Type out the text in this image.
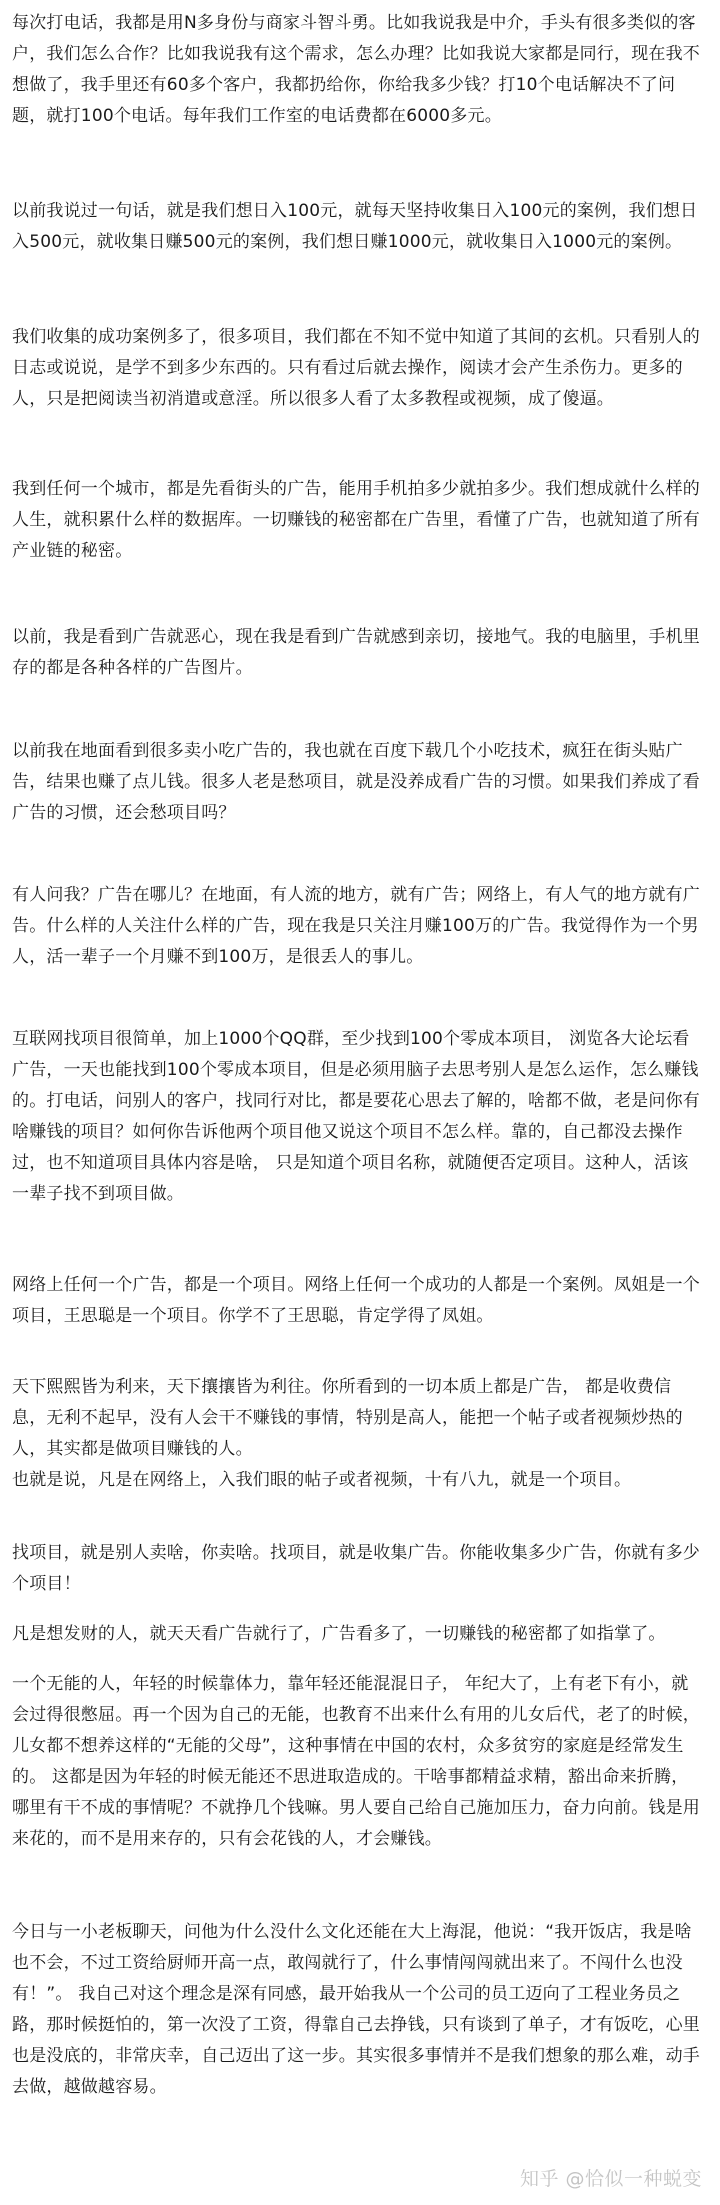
每次打电话，我都是用N多身份与商家斗智斗勇。比如我说我是中介，手头有很多类似的客户，我们怎么合作？比如我说我有这个需求，怎么办理？比如我说大家都是同行，现在我不想做了，我手里还有60多个客户，我都扔给你，你给我多少钱？打10个电话解决不了问题，就打100个电话。每年我们工作室的电话费都在6000多元。

以前我说过一句话，就是我们想日入100元，就每天坚持收集日入100元的案例，我们想日入500元，就收集日赚500元的案例，我们想日赚1000元，就收集日入1000元的案例。

我们收集的成功案例多了，很多项目，我们都在不知不觉中知道了其间的玄机。只看别人的日志或说说，是学不到多少东西的。只有看过后就去操作，阅读才会产生杀伤力。更多的人，只是把阅读当初消遣或意淫。所以很多人看了太多教程或视频，成了傻逼。

我到任何一个城市，都是先看街头的广告，能用手机拍多少就拍多少。我们想成就什么样的人生，就积累什么样的数据库。一切赚钱的秘密都在广告里，看懂了广告，也就知道了所有产业链的秘密。

以前，我是看到广告就恶心，现在我是看到广告就感到亲切，接地气。我的电脑里，手机里存的都是各种各样的广告图片。

以前我在地面看到很多卖小吃广告的，我也就在百度下载几个小吃技术，疯狂在街头贴广告，结果也赚了点儿钱。很多人老是愁项目，就是没养成看广告的习惯。如果我们养成了看广告的习惯，还会愁项目吗？

有人问我？广告在哪儿？在地面，有人流的地方，就有广告；网络上，有人气的地方就有广告。什么样的人关注什么样的广告，现在我是只关注月赚100万的广告。我觉得作为一个男人，活一辈子一个月赚不到100万，是很丢人的事儿。

互联网找项目很简单，加上1000个QQ群，至少找到100个零成本项目， 浏览各大论坛看广告，一天也能找到100个零成本项目，但是必须用脑子去思考别人是怎么运作，怎么赚钱的。打电话，问别人的客户，找同行对比，都是要花心思去了解的，啥都不做，老是问你有啥赚钱的项目？如何你告诉他两个项目他又说这个项目不怎么样。靠的，自己都没去操作过，也不知道项目具体内容是啥， 只是知道个项目名称，就随便否定项目。这种人，活该一辈子找不到项目做。

网络上任何一个广告，都是一个项目。网络上任何一个成功的人都是一个案例。凤姐是一个项目，王思聪是一个项目。你学不了王思聪，肯定学得了凤姐。

天下熙熙皆为利来，天下攘攘皆为利往。你所看到的一切本质上都是广告， 都是收费信息，无利不起早，没有人会干不赚钱的事情，特别是高人，能把一个帖子或者视频炒热的人，其实都是做项目赚钱的人。
也就是说，凡是在网络上，入我们眼的帖子或者视频，十有八九，就是一个项目。

找项目，就是别人卖啥，你卖啥。找项目，就是收集广告。你能收集多少广告，你就有多少个项目！

凡是想发财的人，就天天看广告就行了，广告看多了，一切赚钱的秘密都了如指掌了。

一个无能的人，年轻的时候靠体力，靠年轻还能混混日子， 年纪大了，上有老下有小，就会过得很憋屈。再一个因为自己的无能，也教育不出来什么有用的儿女后代，老了的时候，儿女都不想养这样的“无能的父母”，这种事情在中国的农村，众多贫穷的家庭是经常发生的。 这都是因为年轻的时候无能还不思进取造成的。干啥事都精益求精，豁出命来折腾，哪里有干不成的事情呢？不就挣几个钱嘛。男人要自己给自己施加压力，奋力向前。钱是用来花的，而不是用来存的，只有会花钱的人，才会赚钱。

今日与一小老板聊天，问他为什么没什么文化还能在大上海混，他说：“我开饭店，我是啥也不会，不过工资给厨师开高一点，敢闯就行了，什么事情闯闯就出来了。不闯什么也没有！”。 我自己对这个理念是深有同感，最开始我从一个公司的员工迈向了工程业务员之路，那时候挺怕的，第一次没了工资，得靠自己去挣钱，只有谈到了单子，才有饭吃，心里也是没底的，非常庆幸，自己迈出了这一步。其实很多事情并不是我们想象的那么难，动手去做，越做越容易。

知乎 @恰似一种蜕变
